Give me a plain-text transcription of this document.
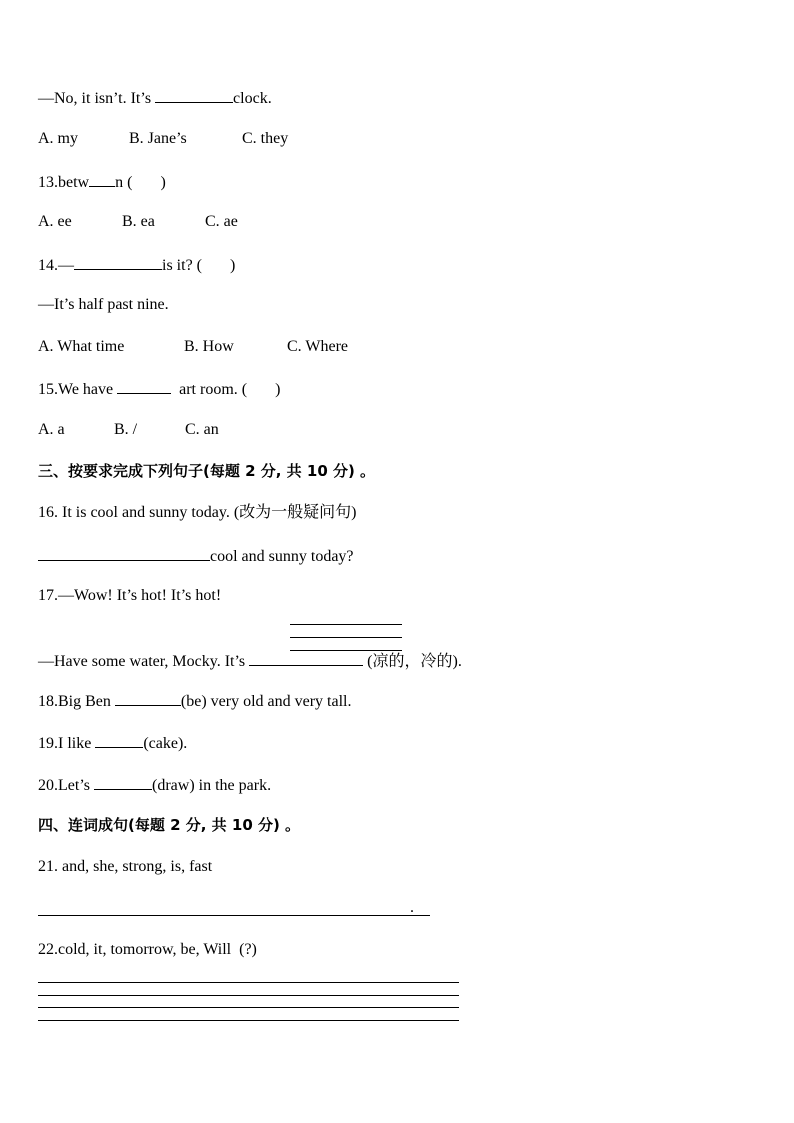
—No, it isn’t. It’s	clock.
A. my	B. Jane’s	C. they
13.betw n (       )
A. ee	B. ea	C. ae
14.—	is it? (       )
—It’s half past nine.
A. What time	B. How	C. Where
15.We have	art room. (       )
A. a	B. /	C. an
三、按要求完成下列句子(每题 2 分, 共 10 分) 。
16. It is cool and sunny today. (改为一般疑问句)
cool and sunny today?
17.—Wow! It’s hot! It’s hot!
—Have some water, Mocky. It’s	(凉的，冷的).
18.Big Ben	(be) very old and very tall.
19.I like	(cake).
20.Let’s	(draw) in the park.
四、连词成句(每题 2 分, 共 10 分) 。
21. and, she, strong, is, fast
.
22.cold, it, tomorrow, be, Will  (?)
